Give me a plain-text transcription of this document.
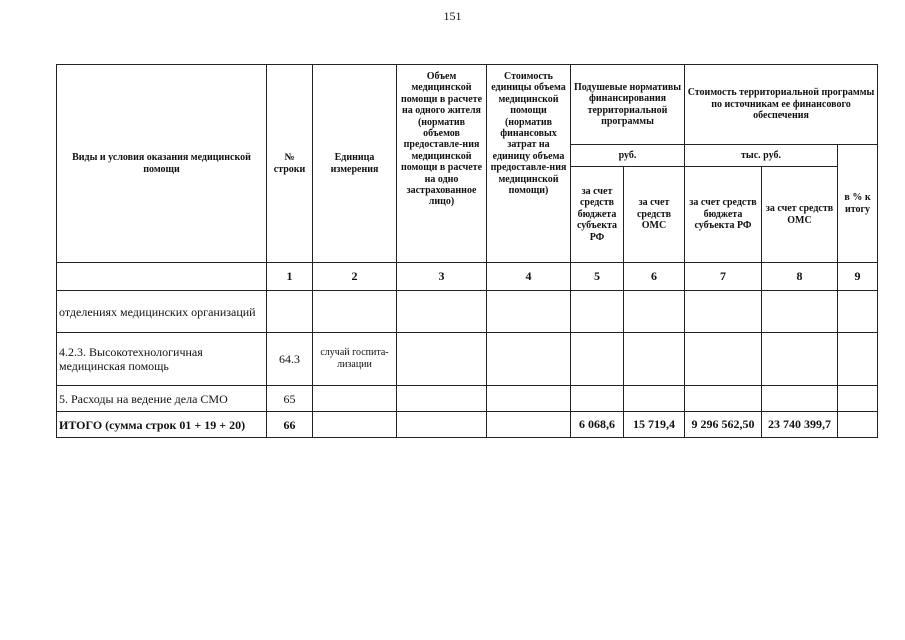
151
Виды и условия оказания медицинской помощи	№ строки	Единица измерения	Объем медицинской помощи в расчете на одного жителя (норматив объемов предоставле-ния медицинской помощи в расчете на одно застрахованное лицо)	Стоимость единицы объема медицинской помощи (норматив финансовых затрат на единицу объема предоставле-ния медицинской помощи)	Подушевые нормативы финансирования территориальной программы		Стоимость территориальной программы по источникам ее финансового обеспечения		
					руб.		тыс. руб.		в % к итогу
					за счет средств бюджета субъекта РФ	за счет средств ОМС	за счет средств бюджета субъекта РФ	за счет средств ОМС	
	1	2	3	4	5	6	7	8	9
отделениях медицинских организаций									
4.2.3. Высокотехнологичная медицинская помощь	64.3	случай госпита-лизации							
5. Расходы на ведение дела СМО	65								
ИТОГО (сумма строк 01 + 19 + 20)	66				6 068,6	15 719,4	9 296 562,50	23 740 399,7	
